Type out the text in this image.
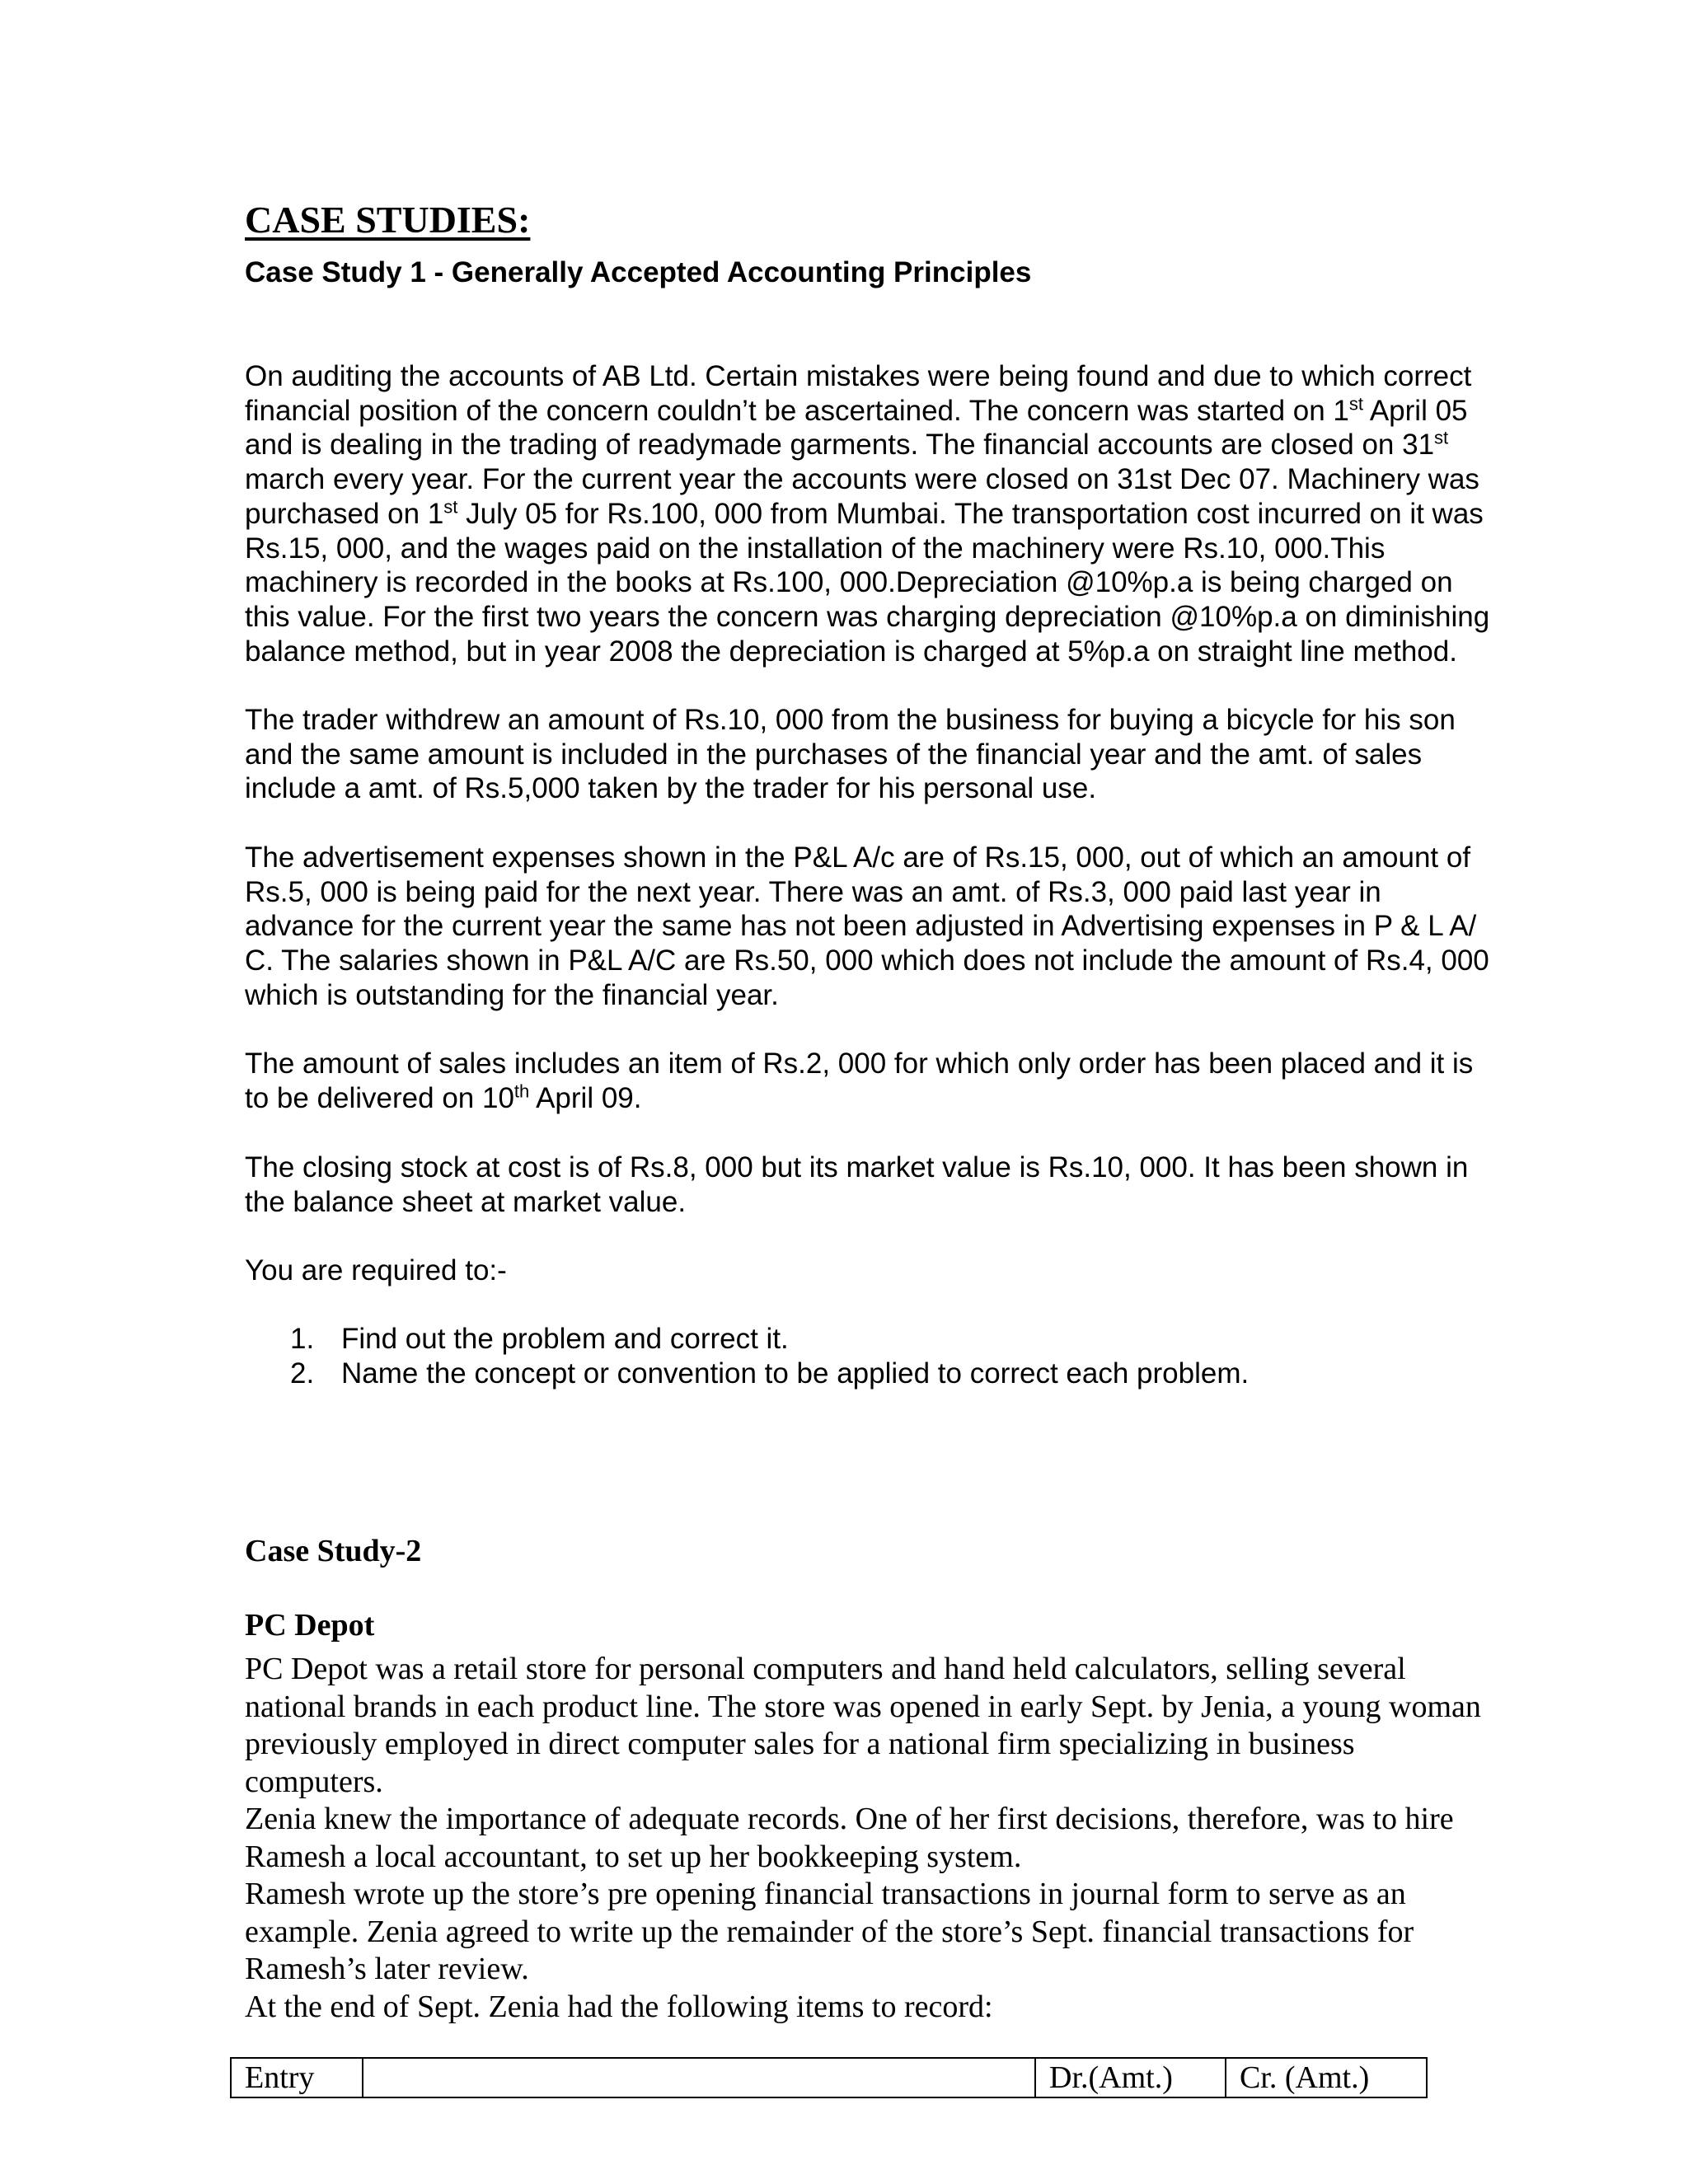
CASE STUDIES:
Case Study 1 - Generally Accepted Accounting Principles
On auditing the accounts of AB Ltd. Certain mistakes were being found and due to which correct
financial position of the concern couldn’t be ascertained. The concern was started on 1st April 05
and is dealing in the trading of readymade garments. The financial accounts are closed on 31st
march every year. For the current year the accounts were closed on 31st Dec 07. Machinery was
purchased on 1st July 05 for Rs.100, 000 from Mumbai. The transportation cost incurred on it was
Rs.15, 000, and the wages paid on the installation of the machinery were Rs.10, 000.This
machinery is recorded in the books at Rs.100, 000.Depreciation @10%p.a is being charged on
this value. For the first two years the concern was charging depreciation @10%p.a on diminishing
balance method, but in year 2008 the depreciation is charged at 5%p.a on straight line method.
The trader withdrew an amount of Rs.10, 000 from the business for buying a bicycle for his son
and the same amount is included in the purchases of the financial year and the amt. of sales
include a amt. of Rs.5,000 taken by the trader for his personal use.
The advertisement expenses shown in the P&L A/c are of Rs.15, 000, out of which an amount of
Rs.5, 000 is being paid for the next year. There was an amt. of Rs.3, 000 paid last year in
advance for the current year the same has not been adjusted in Advertising expenses in P & L A/
C. The salaries shown in P&L A/C are Rs.50, 000 which does not include the amount of Rs.4, 000
which is outstanding for the financial year.
The amount of sales includes an item of Rs.2, 000 for which only order has been placed and it is
to be delivered on 10th April 09.
The closing stock at cost is of Rs.8, 000 but its market value is Rs.10, 000. It has been shown in
the balance sheet at market value.
You are required to:-
1. Find out the problem and correct it.
2. Name the concept or convention to be applied to correct each problem.
Case Study-2
PC Depot
PC Depot was a retail store for personal computers and hand held calculators, selling several
national brands in each product line. The store was opened in early Sept. by Jenia, a young woman
previously employed in direct computer sales for a national firm specializing in business
computers.
Zenia knew the importance of adequate records. One of her first decisions, therefore, was to hire
Ramesh a local accountant, to set up her bookkeeping system.
Ramesh wrote up the store’s pre opening financial transactions in journal form to serve as an
example. Zenia agreed to write up the remainder of the store’s Sept. financial transactions for
Ramesh’s later review.
At the end of Sept. Zenia had the following items to record:
Entry		Dr.(Amt.)	Cr. (Amt.)
